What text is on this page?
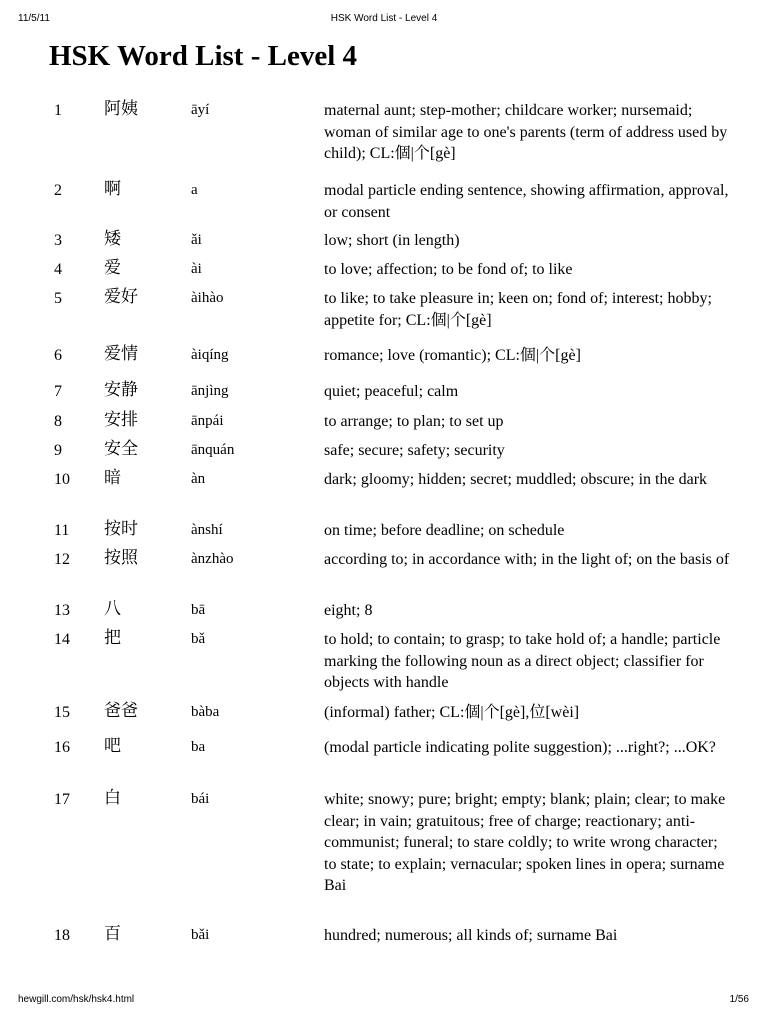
11/5/11	HSK Word List - Level 4
HSK Word List - Level 4
1 阿姨	āyí	maternal aunt; step-mother; childcare worker; nursemaid; woman of similar age to one's parents (term of address used by child); CL:個|个[gè]
2 啊	a	modal particle ending sentence, showing affirmation, approval, or consent
3 矮	ǎi	low; short (in length)
4 爱	ài	to love; affection; to be fond of; to like
5 爱好	àihào	to like; to take pleasure in; keen on; fond of; interest; hobby; appetite for; CL:個|个[gè]
6 爱情	àiqíng	romance; love (romantic); CL:個|个[gè]
7 安静	ānjìng	quiet; peaceful; calm
8 安排	ānpái	to arrange; to plan; to set up
9 安全	ānquán	safe; secure; safety; security
10 暗	àn	dark; gloomy; hidden; secret; muddled; obscure; in the dark
11 按时	ànshí	on time; before deadline; on schedule
12 按照	ànzhào	according to; in accordance with; in the light of; on the basis of
13 八	bā	eight; 8
14 把	bǎ	to hold; to contain; to grasp; to take hold of; a handle; particle marking the following noun as a direct object; classifier for objects with handle
15 爸爸	bàba	(informal) father; CL:個|个[gè],位[wèi]
16 吧	ba	(modal particle indicating polite suggestion); ...right?; ...OK?
17 白	bái	white; snowy; pure; bright; empty; blank; plain; clear; to make clear; in vain; gratuitous; free of charge; reactionary; anti-communist; funeral; to stare coldly; to write wrong character; to state; to explain; vernacular; spoken lines in opera; surname Bai
18 百	bǎi	hundred; numerous; all kinds of; surname Bai
hewgill.com/hsk/hsk4.html	1/56
